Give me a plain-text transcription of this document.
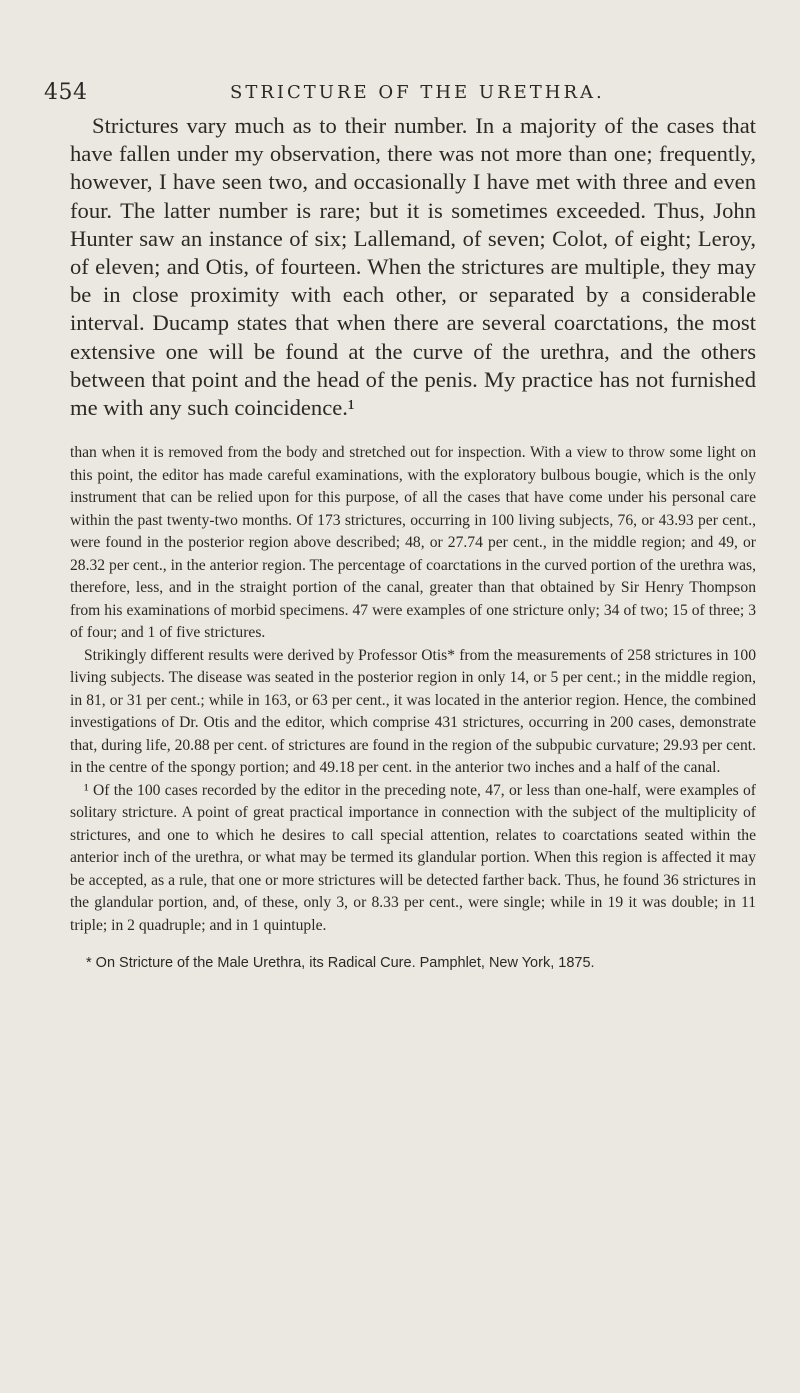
454	STRICTURE OF THE URETHRA.

Strictures vary much as to their number. In a majority of the cases that have fallen under my observation, there was not more than one; frequently, however, I have seen two, and occasionally I have met with three and even four. The latter number is rare; but it is sometimes exceeded. Thus, John Hunter saw an instance of six; Lallemand, of seven; Colot, of eight; Leroy, of eleven; and Otis, of fourteen. When the strictures are multiple, they may be in close proximity with each other, or separated by a considerable interval. Ducamp states that when there are several coarctations, the most extensive one will be found at the curve of the urethra, and the others between that point and the head of the penis. My practice has not furnished me with any such coincidence.¹

than when it is removed from the body and stretched out for inspection. With a view to throw some light on this point, the editor has made careful examinations, with the exploratory bulbous bougie, which is the only instrument that can be relied upon for this purpose, of all the cases that have come under his personal care within the past twenty-two months. Of 173 strictures, occurring in 100 living subjects, 76, or 43.93 per cent., were found in the posterior region above described; 48, or 27.74 per cent., in the middle region; and 49, or 28.32 per cent., in the anterior region. The percentage of coarctations in the curved portion of the urethra was, therefore, less, and in the straight portion of the canal, greater than that obtained by Sir Henry Thompson from his examinations of morbid specimens. 47 were examples of one stricture only; 34 of two; 15 of three; 3 of four; and 1 of five strictures.

Strikingly different results were derived by Professor Otis* from the measurements of 258 strictures in 100 living subjects. The disease was seated in the posterior region in only 14, or 5 per cent.; in the middle region, in 81, or 31 per cent.; while in 163, or 63 per cent., it was located in the anterior region. Hence, the combined investigations of Dr. Otis and the editor, which comprise 431 strictures, occurring in 200 cases, demonstrate that, during life, 20.88 per cent. of strictures are found in the region of the subpubic curvature; 29.93 per cent. in the centre of the spongy portion; and 49.18 per cent. in the anterior two inches and a half of the canal.

¹ Of the 100 cases recorded by the editor in the preceding note, 47, or less than one-half, were examples of solitary stricture. A point of great practical importance in connection with the subject of the multiplicity of strictures, and one to which he desires to call special attention, relates to coarctations seated within the anterior inch of the urethra, or what may be termed its glandular portion. When this region is affected it may be accepted, as a rule, that one or more strictures will be detected farther back. Thus, he found 36 strictures in the glandular portion, and, of these, only 3, or 8.33 per cent., were single; while in 19 it was double; in 11 triple; in 2 quadruple; and in 1 quintuple.

* On Stricture of the Male Urethra, its Radical Cure. Pamphlet, New York, 1875.
